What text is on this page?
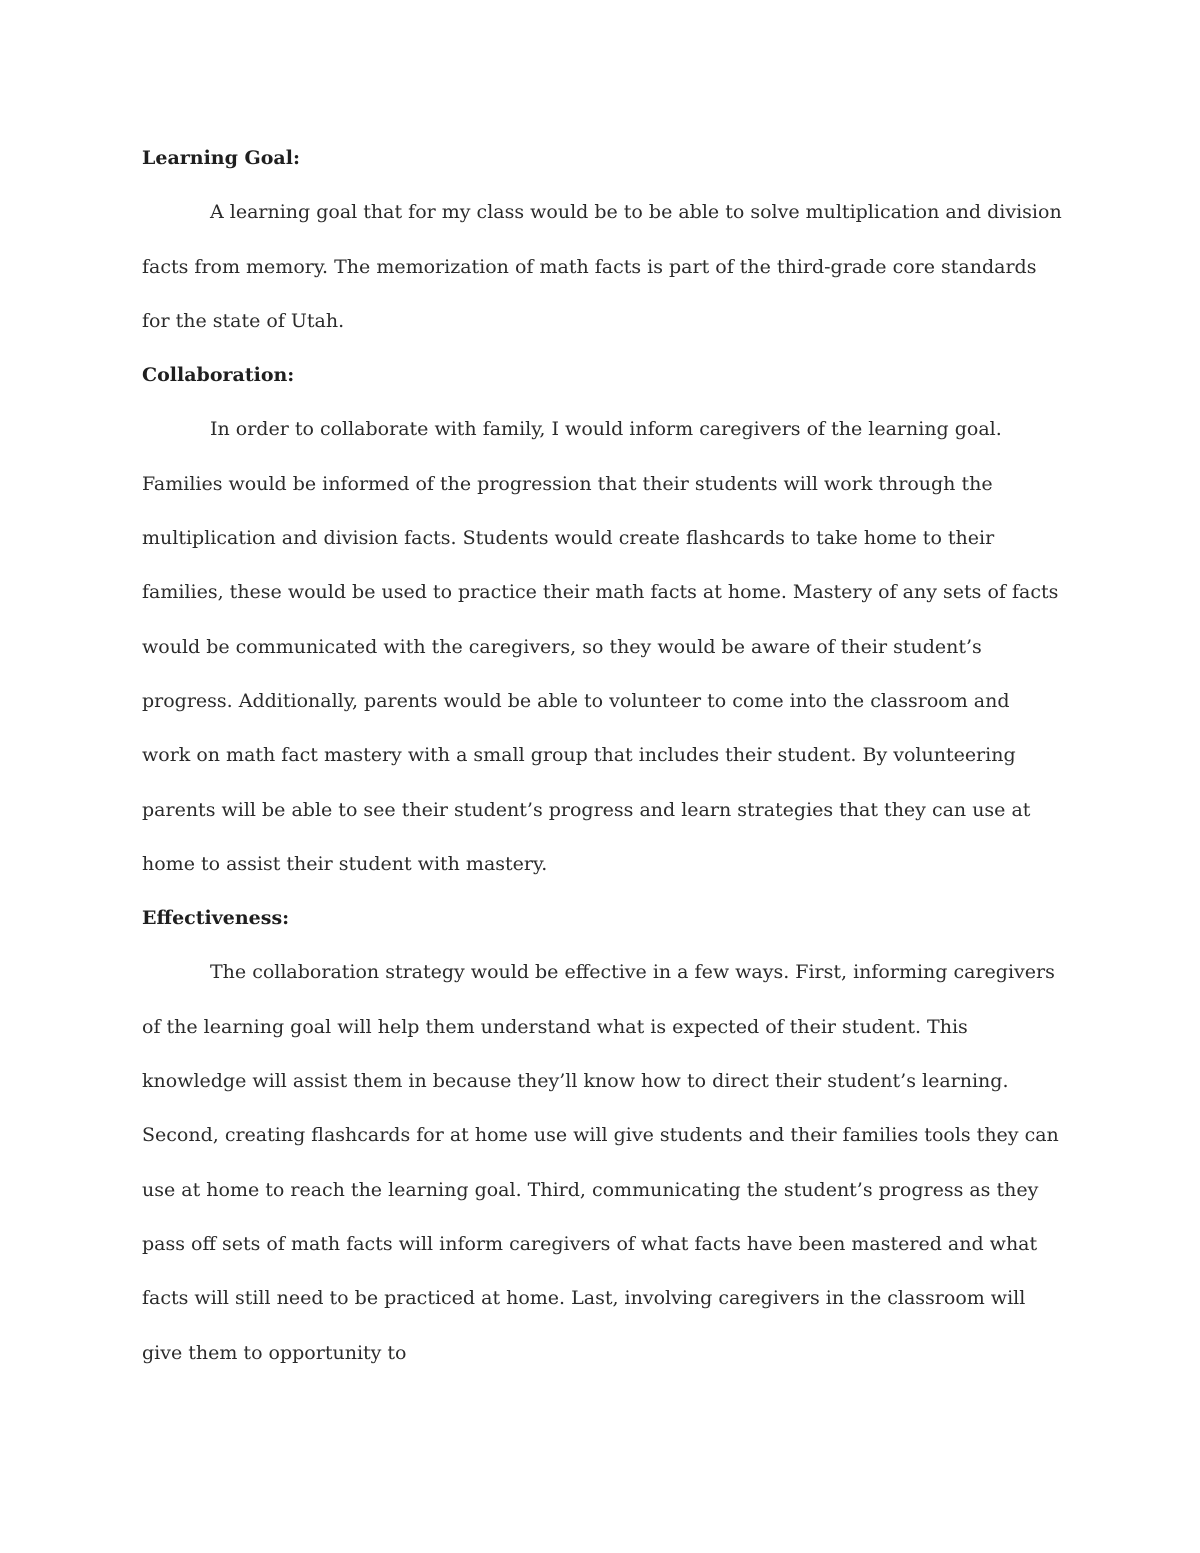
Learning Goal:

A learning goal that for my class would be to be able to solve multiplication and division facts from memory. The memorization of math facts is part of the third-grade core standards for the state of Utah.

Collaboration:

In order to collaborate with family, I would inform caregivers of the learning goal. Families would be informed of the progression that their students will work through the multiplication and division facts. Students would create flashcards to take home to their families, these would be used to practice their math facts at home. Mastery of any sets of facts would be communicated with the caregivers, so they would be aware of their student’s progress. Additionally, parents would be able to volunteer to come into the classroom and work on math fact mastery with a small group that includes their student. By volunteering parents will be able to see their student’s progress and learn strategies that they can use at home to assist their student with mastery.

Effectiveness:

The collaboration strategy would be effective in a few ways. First, informing caregivers of the learning goal will help them understand what is expected of their student. This knowledge will assist them in because they’ll know how to direct their student’s learning. Second, creating flashcards for at home use will give students and their families tools they can use at home to reach the learning goal. Third, communicating the student’s progress as they pass off sets of math facts will inform caregivers of what facts have been mastered and what facts will still need to be practiced at home. Last, involving caregivers in the classroom will give them to opportunity to
